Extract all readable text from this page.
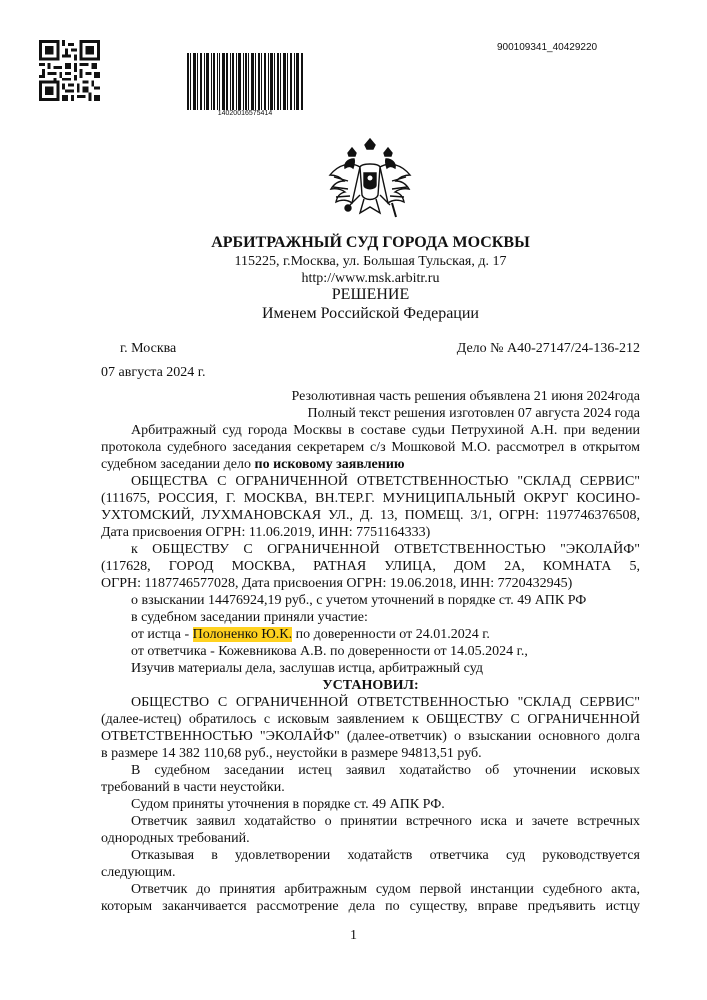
14020016575414
900109341_40429220
АРБИТРАЖНЫЙ СУД ГОРОДА МОСКВЫ
115225, г.Москва, ул. Большая Тульская, д. 17
http://www.msk.arbitr.ru
РЕШЕНИЕ
Именем Российской Федерации
г. Москва	Дело № А40-27147/24-136-212
07 августа 2024 г.
Резолютивная часть решения объявлена 21 июня 2024года
Полный текст решения изготовлен 07 августа 2024 года
Арбитражный суд города Москвы в составе судьи Петрухиной А.Н. при ведении
протокола судебного заседания секретарем с/з Мошковой М.О. рассмотрел в открытом
судебном заседании дело по исковому заявлению
ОБЩЕСТВА С ОГРАНИЧЕННОЙ ОТВЕТСТВЕННОСТЬЮ "СКЛАД СЕРВИС"
(111675, РОССИЯ, Г. МОСКВА, ВН.ТЕР.Г. МУНИЦИПАЛЬНЫЙ ОКРУГ КОСИНО-
УХТОМСКИЙ, ЛУХМАНОВСКАЯ УЛ., Д. 13, ПОМЕЩ. 3/1, ОГРН: 1197746376508,
Дата присвоения ОГРН: 11.06.2019, ИНН: 7751164333)
к ОБЩЕСТВУ С ОГРАНИЧЕННОЙ ОТВЕТСТВЕННОСТЬЮ "ЭКОЛАЙФ"
(117628, ГОРОД МОСКВА, РАТНАЯ УЛИЦА, ДОМ 2А, КОМНАТА 5,
ОГРН: 1187746577028, Дата присвоения ОГРН: 19.06.2018, ИНН: 7720432945)
о взыскании 14476924,19 руб., с учетом уточнений в порядке ст. 49 АПК РФ
в судебном заседании приняли участие:
от истца - Полоненко Ю.К. по доверенности от 24.01.2024 г.
от ответчика - Кожевникова А.В. по доверенности от 14.05.2024 г.,
Изучив материалы дела, заслушав истца, арбитражный суд
УСТАНОВИЛ:
ОБЩЕСТВО С ОГРАНИЧЕННОЙ ОТВЕТСТВЕННОСТЬЮ "СКЛАД СЕРВИС"
(далее-истец) обратилось с исковым заявлением к ОБЩЕСТВУ С ОГРАНИЧЕННОЙ
ОТВЕТСТВЕННОСТЬЮ "ЭКОЛАЙФ" (далее-ответчик) о взыскании основного долга
в размере 14 382 110,68 руб., неустойки в размере 94813,51 руб.
В судебном заседании истец заявил ходатайство об уточнении исковых
требований в части неустойки.
Судом приняты уточнения в порядке ст. 49 АПК РФ.
Ответчик заявил ходатайство о принятии встречного иска и зачете встречных
однородных требований.
Отказывая в удовлетворении ходатайств ответчика суд руководствуется
следующим.
Ответчик до принятия арбитражным судом первой инстанции судебного акта,
которым заканчивается рассмотрение дела по существу, вправе предъявить истцу
1
